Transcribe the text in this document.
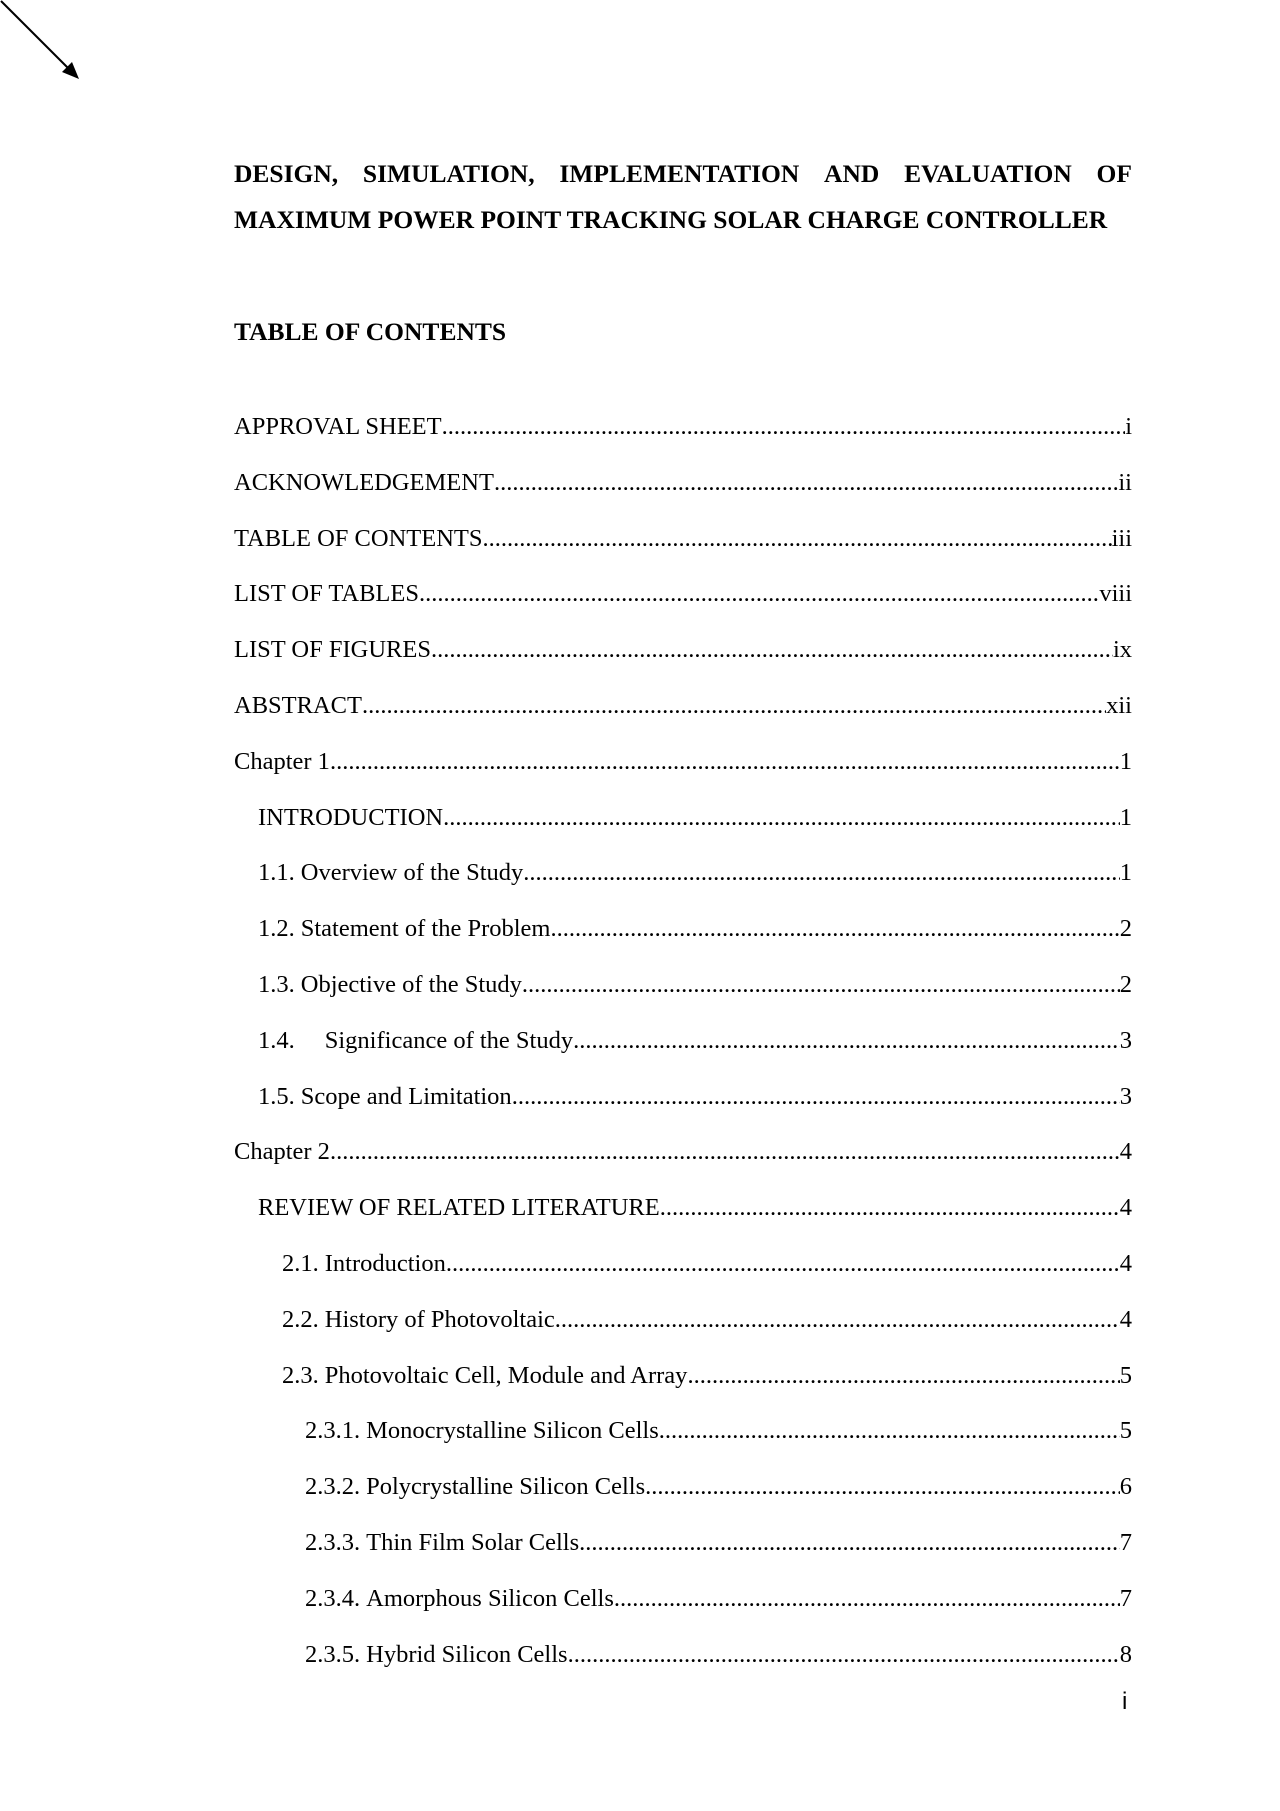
DESIGN, SIMULATION, IMPLEMENTATION AND EVALUATION OF
MAXIMUM POWER POINT TRACKING SOLAR CHARGE CONTROLLER
TABLE OF CONTENTS
APPROVAL SHEET .....	i
ACKNOWLEDGEMENT .....	ii
TABLE OF CONTENTS .....	iii
LIST OF TABLES .....	viii
LIST OF FIGURES .....	ix
ABSTRACT .....	xii
Chapter 1 .....	1
INTRODUCTION .....	1
1.1. Overview of the Study .....	1
1.2. Statement of the Problem .....	2
1.3. Objective of the Study .....	2
1.4. Significance of the Study .....	3
1.5. Scope and Limitation .....	3
Chapter 2 .....	4
REVIEW OF RELATED LITERATURE .....	4
2.1. Introduction .....	4
2.2. History of Photovoltaic .....	4
2.3. Photovoltaic Cell, Module and Array .....	5
2.3.1. Monocrystalline Silicon Cells .....	5
2.3.2. Polycrystalline Silicon Cells .....	6
2.3.3. Thin Film Solar Cells .....	7
2.3.4. Amorphous Silicon Cells .....	7
2.3.5. Hybrid Silicon Cells .....	8
i
